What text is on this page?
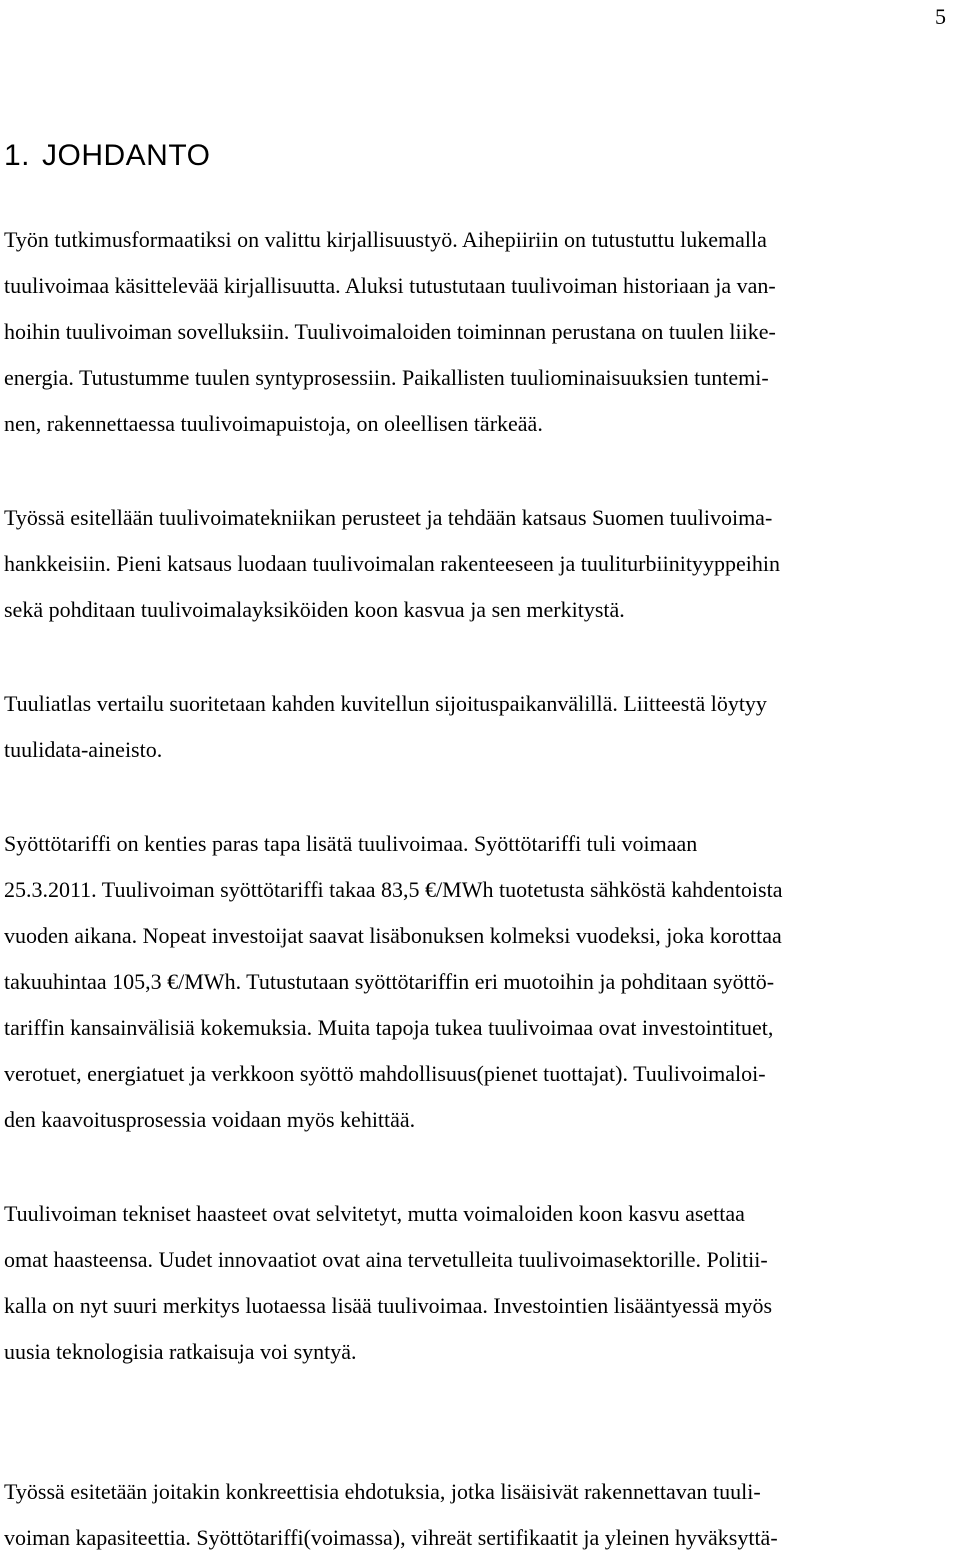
5
1. JOHDANTO
Työn tutkimusformaatiksi on valittu kirjallisuustyö. Aihepiiriin on tutustuttu lukemalla
tuulivoimaa käsittelevää kirjallisuutta. Aluksi tutustutaan tuulivoiman historiaan ja van-
hoihin tuulivoiman sovelluksiin. Tuulivoimaloiden toiminnan perustana on tuulen liike-
energia. Tutustumme tuulen syntyprosessiin. Paikallisten tuuliominaisuuksien tuntemi-
nen, rakennettaessa tuulivoimapuistoja, on oleellisen tärkeää.
Työssä esitellään tuulivoimatekniikan perusteet ja tehdään katsaus Suomen tuulivoima-
hankkeisiin. Pieni katsaus luodaan tuulivoimalan rakenteeseen ja tuuliturbiinityyppeihin
sekä pohditaan tuulivoimalayksiköiden koon kasvua ja sen merkitystä.
Tuuliatlas vertailu suoritetaan kahden kuvitellun sijoituspaikanvälillä. Liitteestä löytyy
tuulidata-aineisto.
Syöttötariffi on kenties paras tapa lisätä tuulivoimaa. Syöttötariffi tuli voimaan
25.3.2011. Tuulivoiman syöttötariffi takaa 83,5 €/MWh tuotetusta sähköstä kahdentoista
vuoden aikana. Nopeat investoijat saavat lisäbonuksen kolmeksi vuodeksi, joka korottaa
takuuhintaa 105,3 €/MWh. Tutustutaan syöttötariffin eri muotoihin ja pohditaan syöttö-
tariffin kansainvälisiä kokemuksia. Muita tapoja tukea tuulivoimaa ovat investointituet,
verotuet, energiatuet ja verkkoon syöttö mahdollisuus(pienet tuottajat). Tuulivoimaloi-
den kaavoitusprosessia voidaan myös kehittää.
Tuulivoiman tekniset haasteet ovat selvitetyt, mutta voimaloiden koon kasvu asettaa
omat haasteensa. Uudet innovaatiot ovat aina tervetulleita tuulivoimasektorille. Politii-
kalla on nyt suuri merkitys luotaessa lisää tuulivoimaa. Investointien lisääntyessä myös
uusia teknologisia ratkaisuja voi syntyä.
Työssä esitetään joitakin konkreettisia ehdotuksia, jotka lisäisivät rakennettavan tuuli-
voiman kapasiteettia. Syöttötariffi(voimassa), vihreät sertifikaatit ja yleinen hyväksyttä-
